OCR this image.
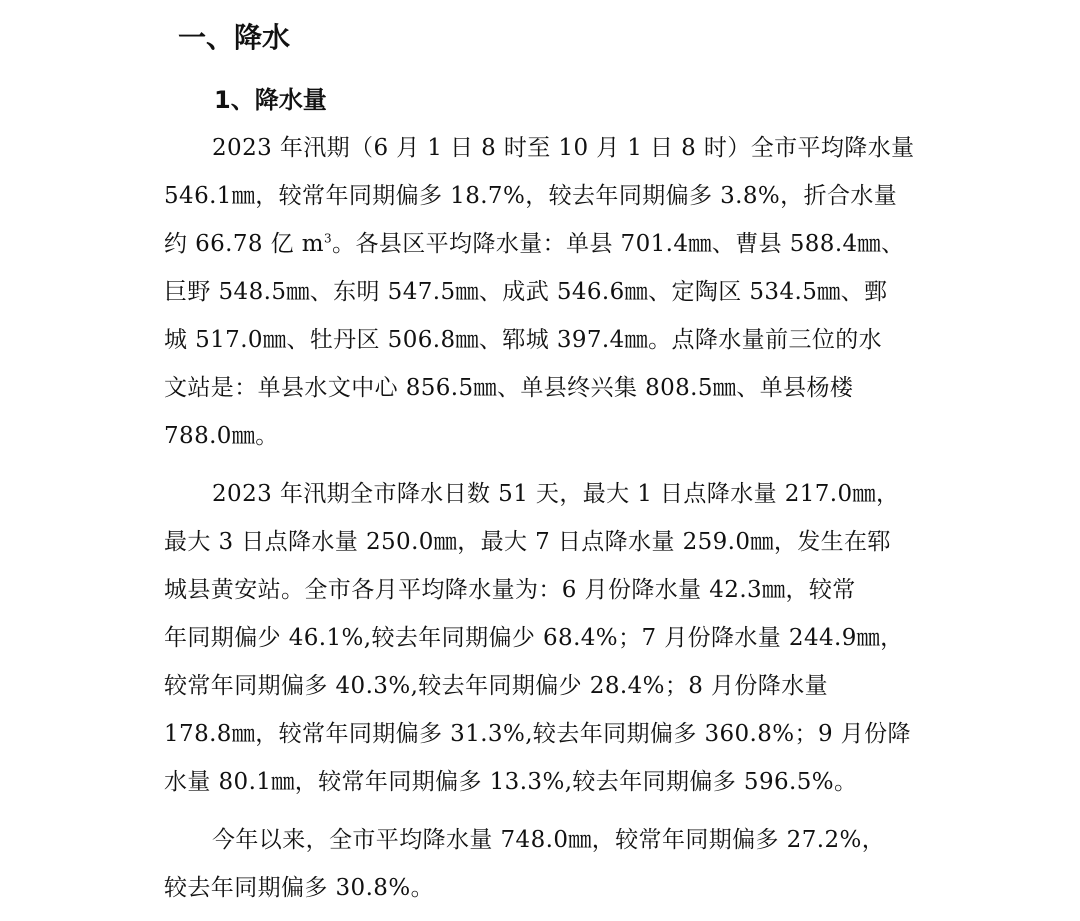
一、降水
1、降水量
2023 年汛期（6 月 1 日 8 时至 10 月 1 日 8 时）全市平均降水量
546.1㎜，较常年同期偏多 18.7%，较去年同期偏多 3.8%，折合水量
约 66.78 亿 $m^3$。各县区平均降水量：单县 701.4㎜、曹县 588.4㎜、
巨野 548.5㎜、东明 547.5㎜、成武 546.6㎜、定陶区 534.5㎜、鄄
城 517.0㎜、牡丹区 506.8㎜、郓城 397.4㎜。点降水量前三位的水
文站是：单县水文中心 856.5㎜、单县终兴集 808.5㎜、单县杨楼
788.0㎜。
2023 年汛期全市降水日数 51 天，最大 1 日点降水量 217.0㎜，
最大 3 日点降水量 250.0㎜，最大 7 日点降水量 259.0㎜，发生在郓
城县黄安站。全市各月平均降水量为：6 月份降水量 42.3㎜，较常
年同期偏少 46.1%,较去年同期偏少 68.4%；7 月份降水量 244.9㎜，
较常年同期偏多 40.3%,较去年同期偏少 28.4%；8 月份降水量
178.8㎜，较常年同期偏多 31.3%,较去年同期偏多 360.8%；9 月份降
水量 80.1㎜，较常年同期偏多 13.3%,较去年同期偏多 596.5%。
今年以来，全市平均降水量 748.0㎜，较常年同期偏多 27.2%，
较去年同期偏多 30.8%。
